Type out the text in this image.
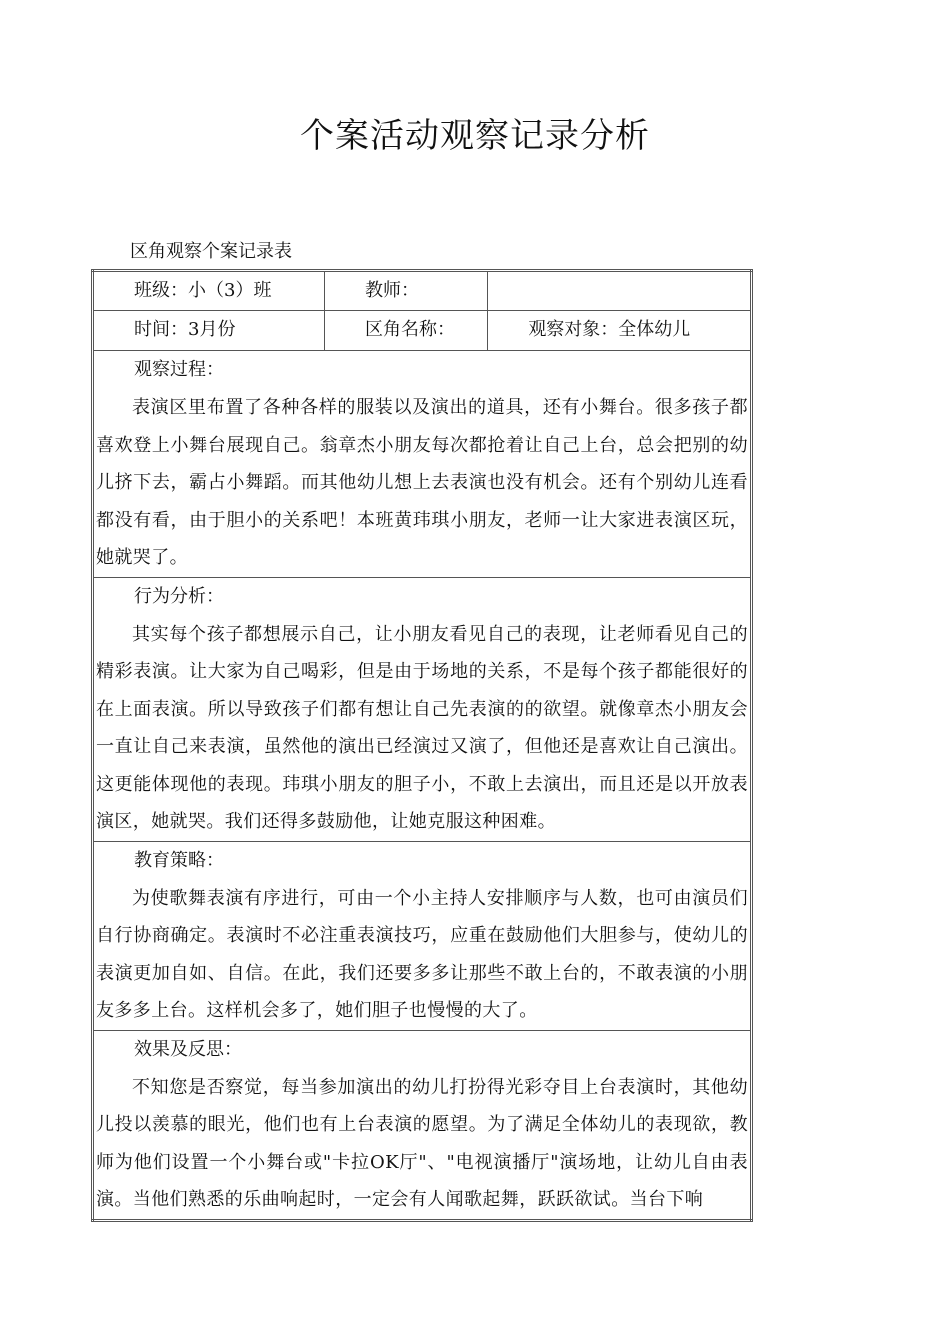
个案活动观察记录分析
区角观察个案记录表
班级：小（3）班	教师：	

时间：3月份	区角名称：	观察对象：全体幼儿

观察过程：

表演区里布置了各种各样的服装以及演出的道具，还有小舞台。很多孩子都喜欢登上小舞台展现自己。翁章杰小朋友每次都抢着让自己上台，总会把别的幼儿挤下去，霸占小舞蹈。而其他幼儿想上去表演也没有机会。还有个别幼儿连看都没有看，由于胆小的关系吧！本班黄玮琪小朋友，老师一让大家进表演区玩，她就哭了。		

行为分析：

其实每个孩子都想展示自己，让小朋友看见自己的表现，让老师看见自己的精彩表演。让大家为自己喝彩，但是由于场地的关系，不是每个孩子都能很好的在上面表演。所以导致孩子们都有想让自己先表演的的欲望。就像章杰小朋友会一直让自己来表演，虽然他的演出已经演过又演了，但他还是喜欢让自己演出。这更能体现他的表现。玮琪小朋友的胆子小，不敢上去演出，而且还是以开放表演区，她就哭。我们还得多鼓励他，让她克服这种困难。		

教育策略：

为使歌舞表演有序进行，可由一个小主持人安排顺序与人数，也可由演员们自行协商确定。表演时不必注重表演技巧，应重在鼓励他们大胆参与，使幼儿的表演更加自如、自信。在此，我们还要多多让那些不敢上台的，不敢表演的小朋友多多上台。这样机会多了，她们胆子也慢慢的大了。		

效果及反思：

不知您是否察觉，每当参加演出的幼儿打扮得光彩夺目上台表演时，其他幼儿投以羡慕的眼光，他们也有上台表演的愿望。为了满足全体幼儿的表现欲，教师为他们设置一个小舞台或"卡拉OK厅"、"电视演播厅"演场地，让幼儿自由表演。当他们熟悉的乐曲响起时，一定会有人闻歌起舞，跃跃欲试。当台下响		
